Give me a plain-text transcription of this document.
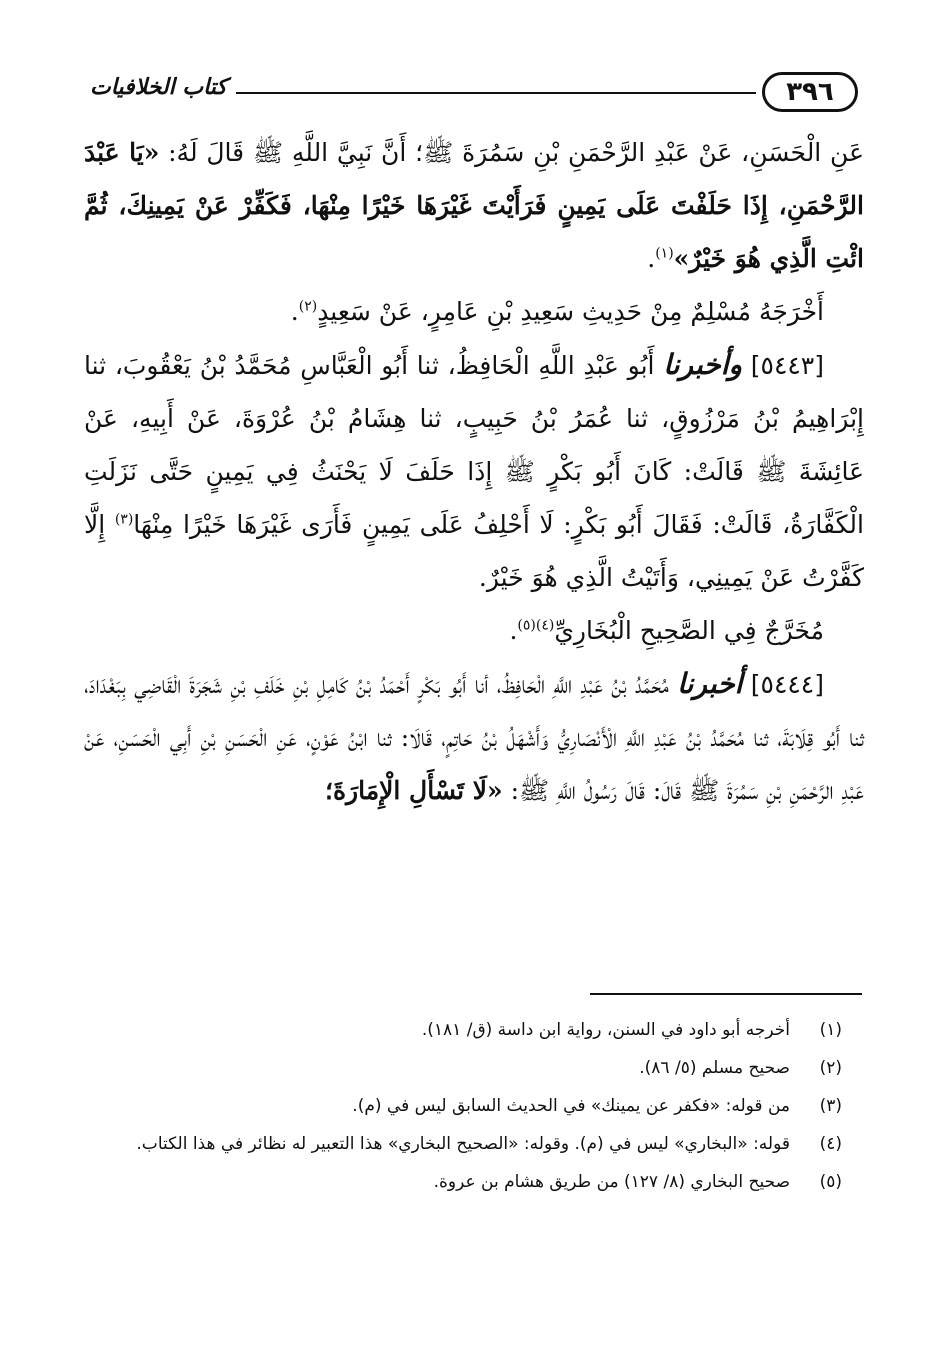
٣٩٦
كتاب الخلافيات

عَنِ الْحَسَنِ، عَنْ عَبْدِ الرَّحْمَنِ بْنِ سَمُرَةَ ﷺ؛ أَنَّ نَبِيَّ اللَّهِ ﷺ قَالَ لَهُ: «يَا عَبْدَ الرَّحْمَنِ، إِذَا حَلَفْتَ عَلَى يَمِينٍ فَرَأَيْتَ غَيْرَهَا خَيْرًا مِنْهَا، فَكَفِّرْ عَنْ يَمِينِكَ، ثُمَّ ائْتِ الَّذِي هُوَ خَيْرٌ»$^{(١)}$.

أَخْرَجَهُ مُسْلِمٌ مِنْ حَدِيثِ سَعِيدِ بْنِ عَامِرٍ، عَنْ سَعِيدٍ$^{(٢)}$.

[٥٤٤٣] وأخبرنا أَبُو عَبْدِ اللَّهِ الْحَافِظُ، ثنا أَبُو الْعَبَّاسِ مُحَمَّدُ بْنُ يَعْقُوبَ، ثنا إِبْرَاهِيمُ بْنُ مَرْزُوقٍ، ثنا عُمَرُ بْنُ حَبِيبٍ، ثنا هِشَامُ بْنُ عُرْوَةَ، عَنْ أَبِيهِ، عَنْ عَائِشَةَ ﷺ قَالَتْ: كَانَ أَبُو بَكْرٍ ﷺ إِذَا حَلَفَ لَا يَحْنَثُ فِي يَمِينٍ حَتَّى نَزَلَتِ الْكَفَّارَةُ، قَالَتْ: فَقَالَ أَبُو بَكْرٍ: لَا أَحْلِفُ عَلَى يَمِينٍ فَأَرَى غَيْرَهَا خَيْرًا مِنْهَا$^{(٣)}$ إِلَّا كَفَّرْتُ عَنْ يَمِينِي، وَأَتَيْتُ الَّذِي هُوَ خَيْرٌ.

مُخَرَّجٌ فِي الصَّحِيحِ الْبُخَارِيِّ$^{(٤)(٥)}$.

[٥٤٤٤] أخبرنا مُحَمَّدُ بْنُ عَبْدِ اللَّهِ الْحَافِظُ، أنا أَبُو بَكْرٍ أَحْمَدُ بْنُ كَامِلِ بْنِ خَلَفِ بْنِ شَجَرَةَ الْقَاضِي بِبَغْدَادَ، ثنا أَبُو قِلَابَةَ، ثنا مُحَمَّدُ بْنُ عَبْدِ اللَّهِ الْأَنْصَارِيُّ وَأَشْهَلُ بْنُ حَاتِمٍ، قَالَا: ثنا ابْنُ عَوْنٍ، عَنِ الْحَسَنِ بْنِ أَبِي الْحَسَنِ، عَنْ عَبْدِ الرَّحْمَنِ بْنِ سَمُرَةَ ﷺ قَالَ: قَالَ رَسُولُ اللَّهِ ﷺ: «لَا تَسْأَلِ الْإِمَارَةَ؛

(١)
أخرجه أبو داود في السنن، رواية ابن داسة (ق/ ١٨١).
(٢)
صحيح مسلم (٥/ ٨٦).
(٣)
من قوله: «فكفر عن يمينك» في الحديث السابق ليس في (م).
(٤)
قوله: «البخاري» ليس في (م). وقوله: «الصحيح البخاري» هذا التعبير له نظائر في هذا الكتاب.
(٥)
صحيح البخاري (٨/ ١٢٧) من طريق هشام بن عروة.
